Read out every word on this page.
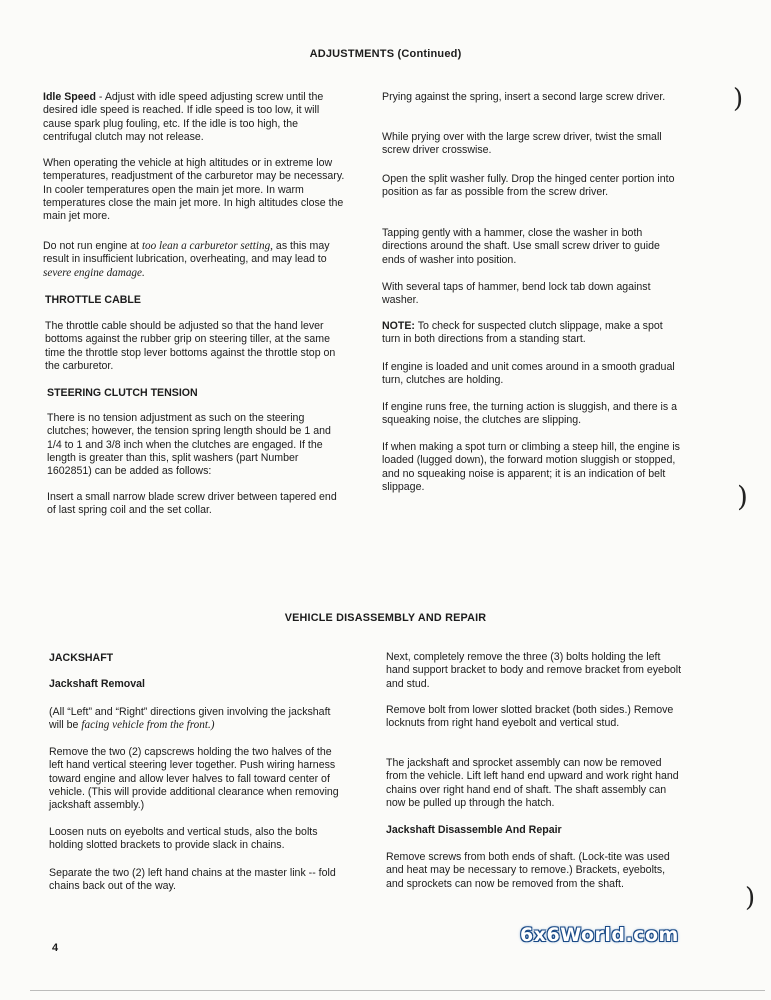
ADJUSTMENTS (Continued)

Idle Speed - Adjust with idle speed adjusting screw until the desired idle speed is reached. If idle speed is too low, it will cause spark plug fouling, etc. If the idle is too high, the centrifugal clutch may not release.

When operating the vehicle at high altitudes or in extreme low temperatures, readjustment of the carburetor may be necessary. In cooler temperatures open the main jet more. In warm temperatures close the main jet more. In high altitudes close the main jet more.

Do not run engine at too lean a carburetor setting, as this may result in insufficient lubrication, overheating, and may lead to severe engine damage.

THROTTLE CABLE

The throttle cable should be adjusted so that the hand lever bottoms against the rubber grip on steering tiller, at the same time the throttle stop lever bottoms against the throttle stop on the carburetor.

STEERING CLUTCH TENSION

There is no tension adjustment as such on the steering clutches; however, the tension spring length should be 1 and 1/4 to 1 and 3/8 inch when the clutches are engaged. If the length is greater than this, split washers (part Number 1602851) can be added as follows:

Insert a small narrow blade screw driver between tapered end of last spring coil and the set collar.

Prying against the spring, insert a second large screw driver.

While prying over with the large screw driver, twist the small screw driver crosswise.

Open the split washer fully. Drop the hinged center portion into position as far as possible from the screw driver.

Tapping gently with a hammer, close the washer in both directions around the shaft. Use small screw driver to guide ends of washer into position.

With several taps of hammer, bend lock tab down against washer.

NOTE: To check for suspected clutch slippage, make a spot turn in both directions from a standing start.

If engine is loaded and unit comes around in a smooth gradual turn, clutches are holding.

If engine runs free, the turning action is sluggish, and there is a squeaking noise, the clutches are slipping.

If when making a spot turn or climbing a steep hill, the engine is loaded (lugged down), the forward motion sluggish or stopped, and no squeaking noise is apparent; it is an indication of belt slippage.

VEHICLE DISASSEMBLY AND REPAIR
JACKSHAFT
Jackshaft Removal

(All “Left” and “Right” directions given involving the jackshaft will be facing vehicle from the front.)

Remove the two (2) capscrews holding the two halves of the left hand vertical steering lever together. Push wiring harness toward engine and allow lever halves to fall toward center of vehicle. (This will provide additional clearance when removing jackshaft assembly.)

Loosen nuts on eyebolts and vertical studs, also the bolts holding slotted brackets to provide slack in chains.

Separate the two (2) left hand chains at the master link -- fold chains back out of the way.

Next, completely remove the three (3) bolts holding the left hand support bracket to body and remove bracket from eyebolt and stud.

Remove bolt from lower slotted bracket (both sides.) Remove locknuts from right hand eyebolt and vertical stud.

The jackshaft and sprocket assembly can now be removed from the vehicle. Lift left hand end upward and work right hand chains over right hand end of shaft. The shaft assembly can now be pulled up through the hatch.

Jackshaft Disassemble And Repair

Remove screws from both ends of shaft. (Lock-tite was used and heat may be necessary to remove.) Brackets, eyebolts, and sprockets can now be removed from the shaft.

4
6x6World.com
)
)
)
